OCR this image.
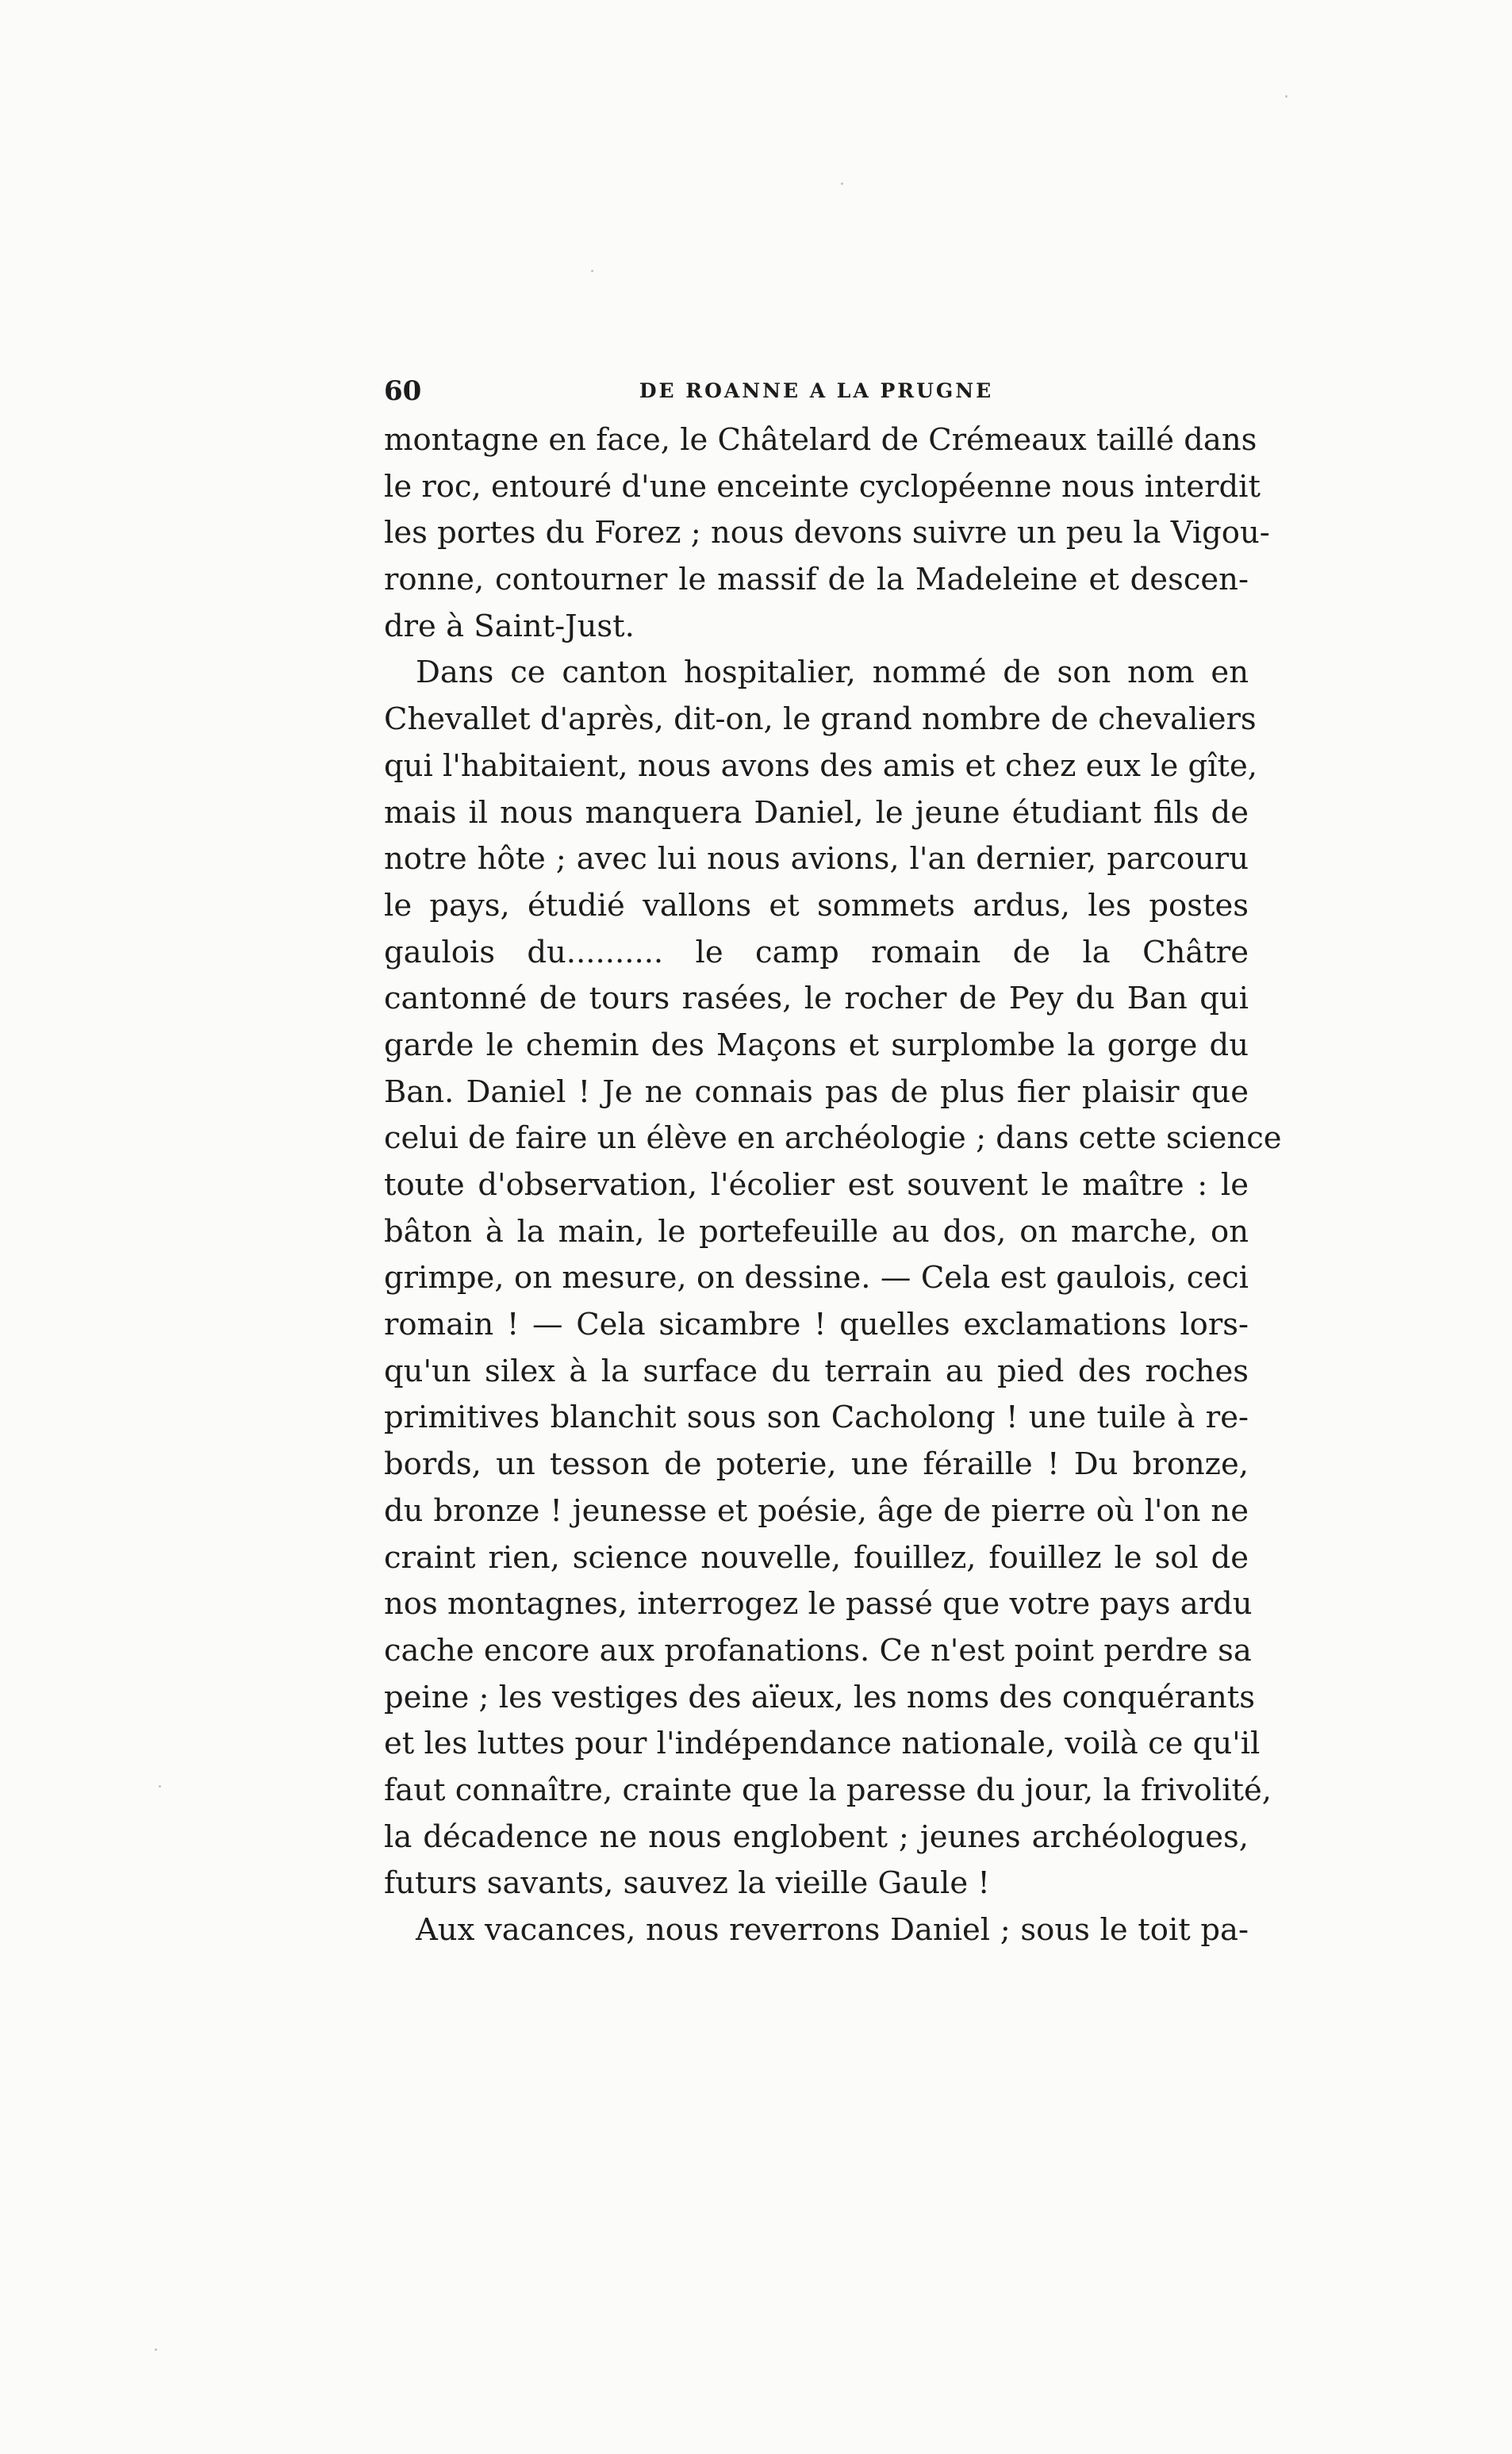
60	DE ROANNE A LA PRUGNE
montagne en face, le Châtelard de Crémeaux taillé dans
le roc, entouré d'une enceinte cyclopéenne nous interdit
les portes du Forez ; nous devons suivre un peu la Vigou-
ronne, contourner le massif de la Madeleine et descen-
dre à Saint-Just.
Dans ce canton hospitalier, nommé de son nom en
Chevallet d'après, dit-on, le grand nombre de chevaliers
qui l'habitaient, nous avons des amis et chez eux le gîte,
mais il nous manquera Daniel, le jeune étudiant fils de
notre hôte ; avec lui nous avions, l'an dernier, parcouru
le pays, étudié vallons et sommets ardus, les postes
gaulois du.......... le camp romain de la Châtre
cantonné de tours rasées, le rocher de Pey du Ban qui
garde le chemin des Maçons et surplombe la gorge du
Ban. Daniel ! Je ne connais pas de plus fier plaisir que
celui de faire un élève en archéologie ; dans cette science
toute d'observation, l'écolier est souvent le maître : le
bâton à la main, le portefeuille au dos, on marche, on
grimpe, on mesure, on dessine. — Cela est gaulois, ceci
romain ! — Cela sicambre ! quelles exclamations lors-
qu'un silex à la surface du terrain au pied des roches
primitives blanchit sous son Cacholong ! une tuile à re-
bords, un tesson de poterie, une féraille ! Du bronze,
du bronze ! jeunesse et poésie, âge de pierre où l'on ne
craint rien, science nouvelle, fouillez, fouillez le sol de
nos montagnes, interrogez le passé que votre pays ardu
cache encore aux profanations. Ce n'est point perdre sa
peine ; les vestiges des aïeux, les noms des conquérants
et les luttes pour l'indépendance nationale, voilà ce qu'il
faut connaître, crainte que la paresse du jour, la frivolité,
la décadence ne nous englobent ; jeunes archéologues,
futurs savants, sauvez la vieille Gaule !
Aux vacances, nous reverrons Daniel ; sous le toit pa-
